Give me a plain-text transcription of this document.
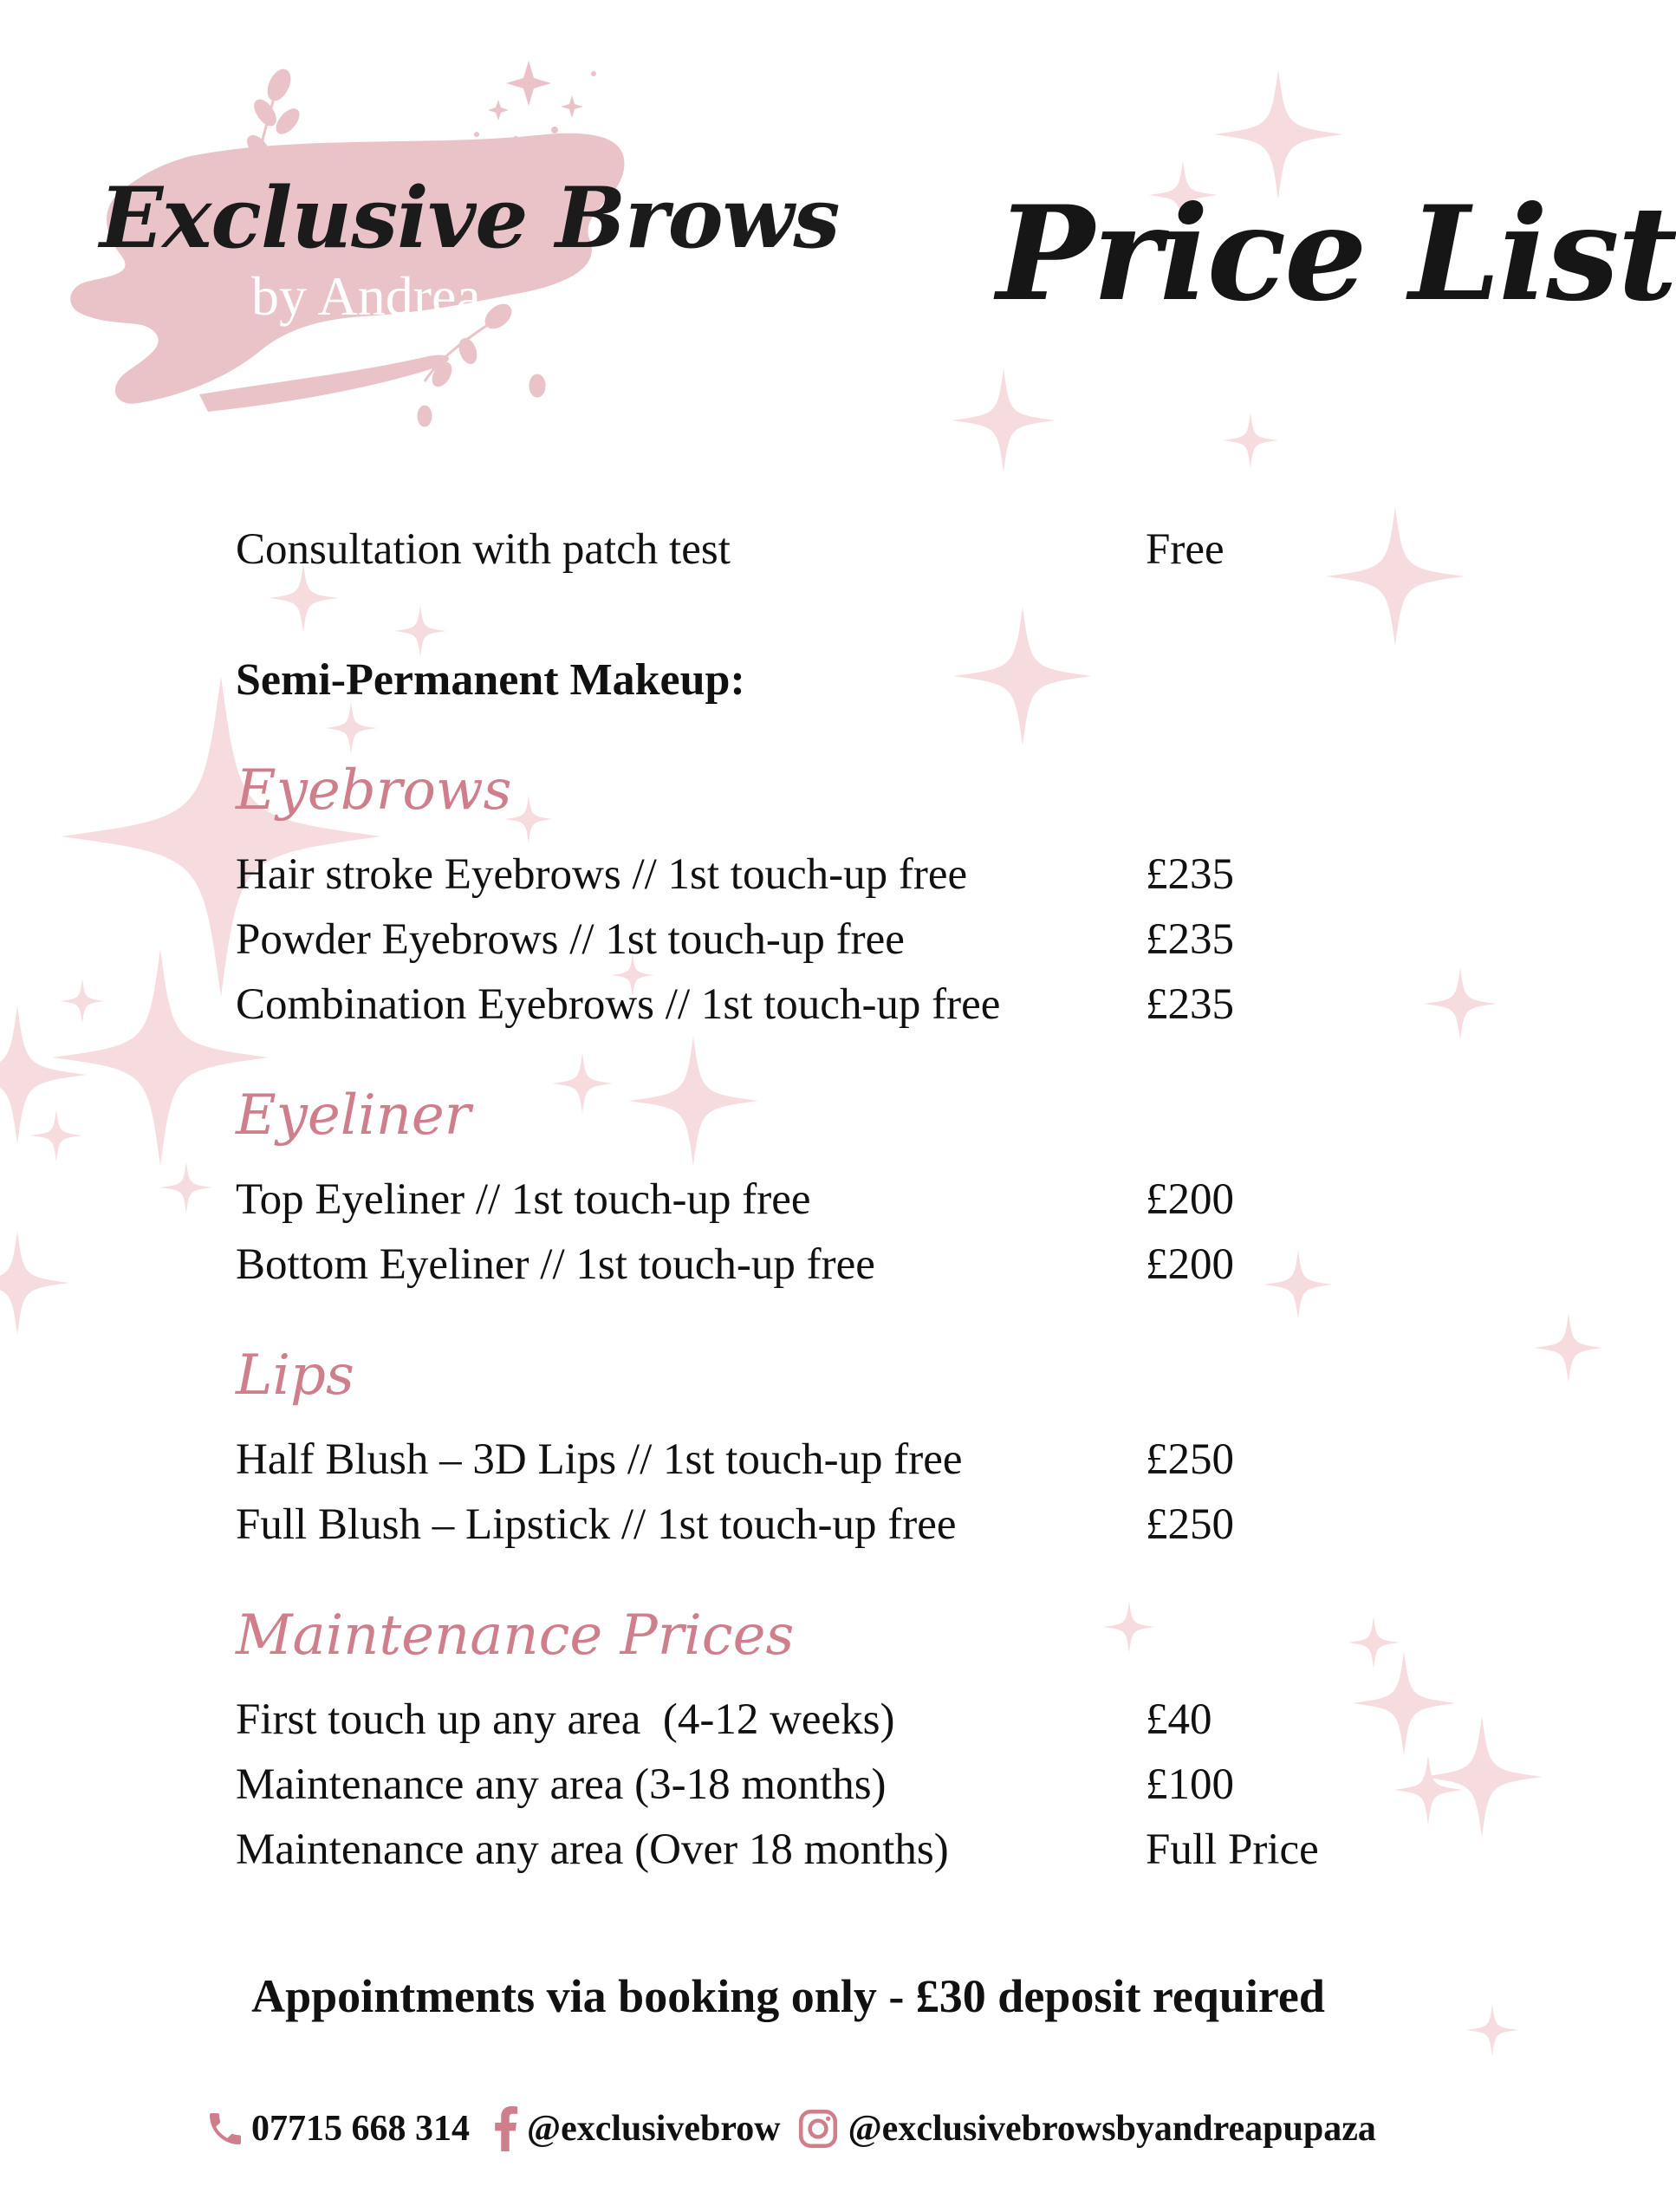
Exclusive Brows
by Andrea	Price List
Consultation with patch test	Free
Semi-Permanent Makeup:
Eyebrows
Hair stroke Eyebrows // 1st touch-up free	£235
Powder Eyebrows // 1st touch-up free	£235
Combination Eyebrows // 1st touch-up free	£235
Eyeliner
Top Eyeliner // 1st touch-up free	£200
Bottom Eyeliner // 1st touch-up free	£200
Lips
Half Blush – 3D Lips // 1st touch-up free	£250
Full Blush – Lipstick // 1st touch-up free	£250
Maintenance Prices
First touch up any area  (4-12 weeks)	£40
Maintenance any area (3-18 months)	£100
Maintenance any area (Over 18 months)	Full Price
Appointments via booking only - £30 deposit required
07715 668 314 @exclusivebrow @exclusivebrowsbyandreapupaza
